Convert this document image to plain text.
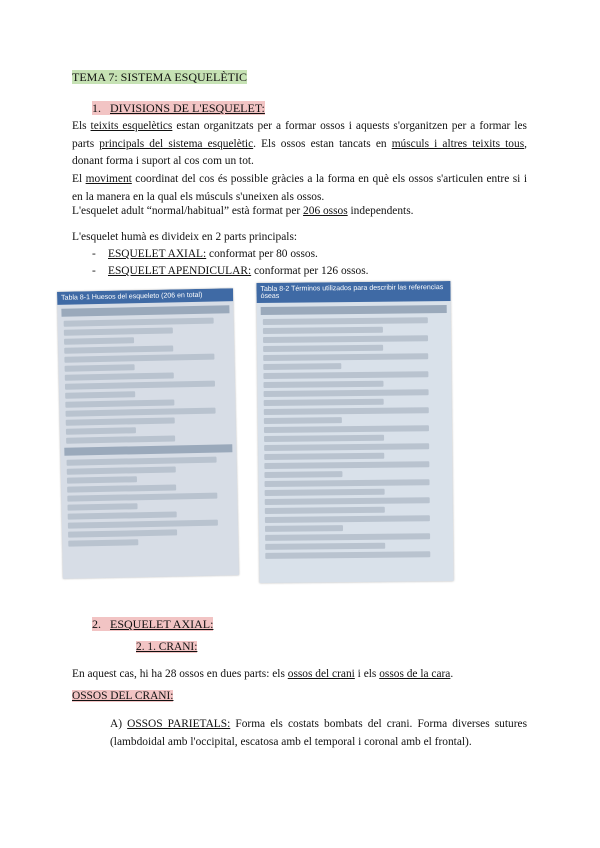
TEMA 7: SISTEMA ESQUELÈTIC
1. DIVISIONS DE L'ESQUELET:
Els teixits esquelètics estan organitzats per a formar ossos i aquests s'organitzen per a formar les parts principals del sistema esquelètic. Els ossos estan tancats en músculs i altres teixits tous, donant forma i suport al cos com un tot.
El moviment coordinat del cos és possible gràcies a la forma en què els ossos s'articulen entre si i en la manera en la qual els músculs s'uneixen als ossos.
L'esquelet adult “normal/habitual” està format per 206 ossos independents.
L'esquelet humà es divideix en 2 parts principals:
- ESQUELET AXIAL: conformat per 80 ossos.
- ESQUELET APENDICULAR: conformat per 126 ossos.
Tabla 8-1 Huesos del esqueleto (206 en total)
Tabla 8-2 Términos utilizados para describir las referencias óseas
2. ESQUELET AXIAL:
2. 1. CRANI:
En aquest cas, hi ha 28 ossos en dues parts: els ossos del crani i els ossos de la cara.
OSSOS DEL CRANI:
A) OSSOS PARIETALS: Forma els costats bombats del crani. Forma diverses sutures (lambdoidal amb l'occipital, escatosa amb el temporal i coronal amb el frontal).
